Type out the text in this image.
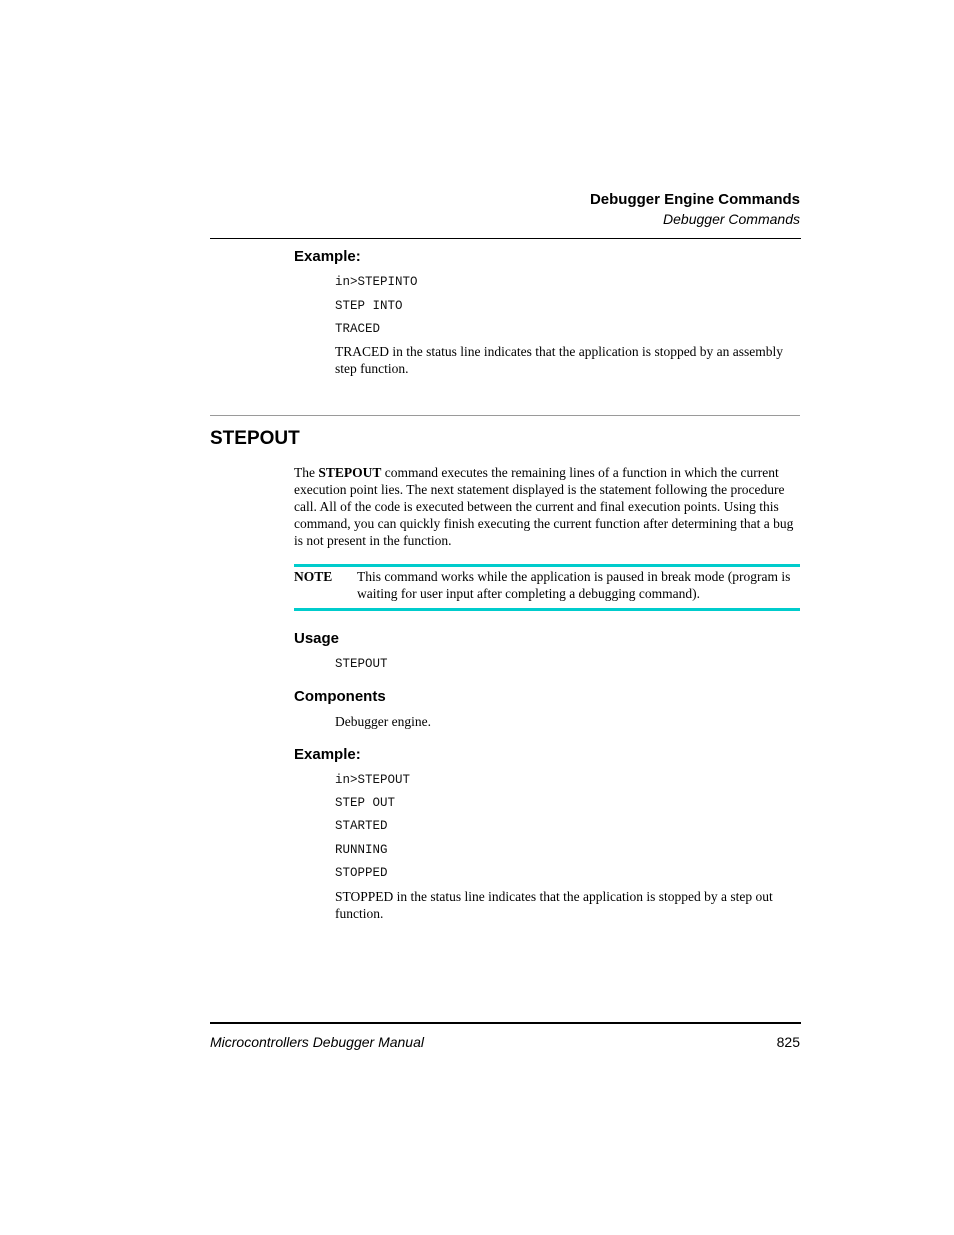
Debugger Engine Commands
Debugger Commands
Example:
in>STEPINTO
STEP INTO
TRACED
TRACED in the status line indicates that the application is stopped by an assembly step function.
STEPOUT
The STEPOUT command executes the remaining lines of a function in which the current execution point lies. The next statement displayed is the statement following the procedure call. All of the code is executed between the current and final execution points. Using this command, you can quickly finish executing the current function after determining that a bug is not present in the function.
NOTE This command works while the application is paused in break mode (program is waiting for user input after completing a debugging command).
Usage
STEPOUT
Components
Debugger engine.
Example:
in>STEPOUT
STEP OUT
STARTED
RUNNING
STOPPED
STOPPED in the status line indicates that the application is stopped by a step out function.
Microcontrollers Debugger Manual	825
